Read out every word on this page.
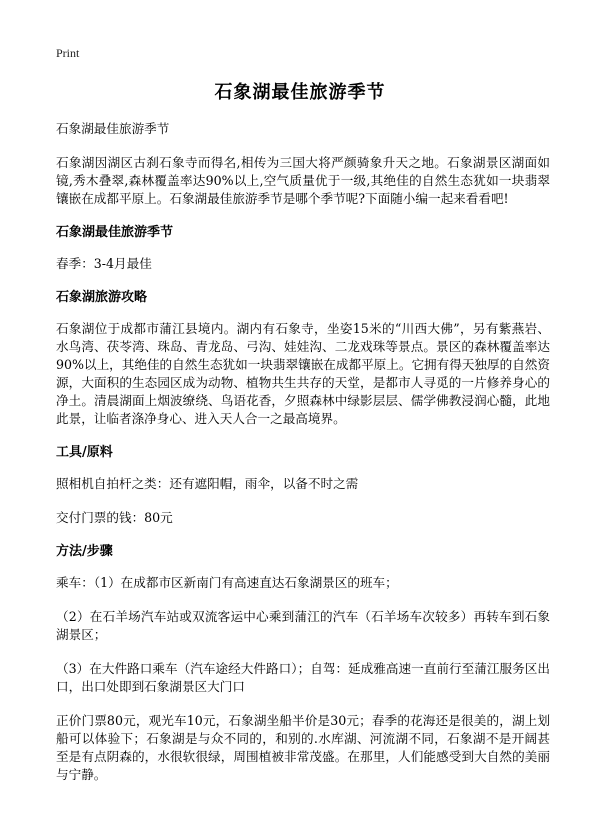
Print
石象湖最佳旅游季节

石象湖最佳旅游季节

石象湖因湖区古刹石象寺而得名,相传为三国大将严颜骑象升天之地。石象湖景区湖面如镜,秀木叠翠,森林覆盖率达90%以上,空气质量优于一级,其绝佳的自然生态犹如一块翡翠镶嵌在成都平原上。石象湖最佳旅游季节是哪个季节呢?下面随小编一起来看看吧!

石象湖最佳旅游季节

春季：3-4月最佳

石象湖旅游攻略

石象湖位于成都市蒲江县境内。湖内有石象寺，坐姿15米的“川西大佛”，另有紫燕岩、水鸟湾、茯苓湾、珠岛、青龙岛、弓沟、娃娃沟、二龙戏珠等景点。景区的森林覆盖率达90%以上，其绝佳的自然生态犹如一块翡翠镶嵌在成都平原上。它拥有得天独厚的自然资源，大面积的生态园区成为动物、植物共生共存的天堂，是都市人寻觅的一片修养身心的净土。清晨湖面上烟波缭绕、鸟语花香，夕照森林中绿影层层、儒学佛教浸润心髓，此地此景，让临者涤净身心、进入天人合一之最高境界。

工具/原料

照相机自拍杆之类：还有遮阳帽，雨伞，以备不时之需

交付门票的钱：80元

方法/步骤

乘车：（1）在成都市区新南门有高速直达石象湖景区的班车；

（2）在石羊场汽车站或双流客运中心乘到蒲江的汽车（石羊场车次较多）再转车到石象湖景区；

（3）在大件路口乘车（汽车途经大件路口）；自驾：延成雅高速一直前行至蒲江服务区出口，出口处即到石象湖景区大门口

正价门票80元，观光车10元，石象湖坐船半价是30元；春季的花海还是很美的，湖上划船可以体验下；石象湖是与众不同的，和别的.水库湖、河流湖不同，石象湖不是开阔甚至是有点阴森的，水很软很绿，周围植被非常茂盛。在那里，人们能感受到大自然的美丽与宁静。
